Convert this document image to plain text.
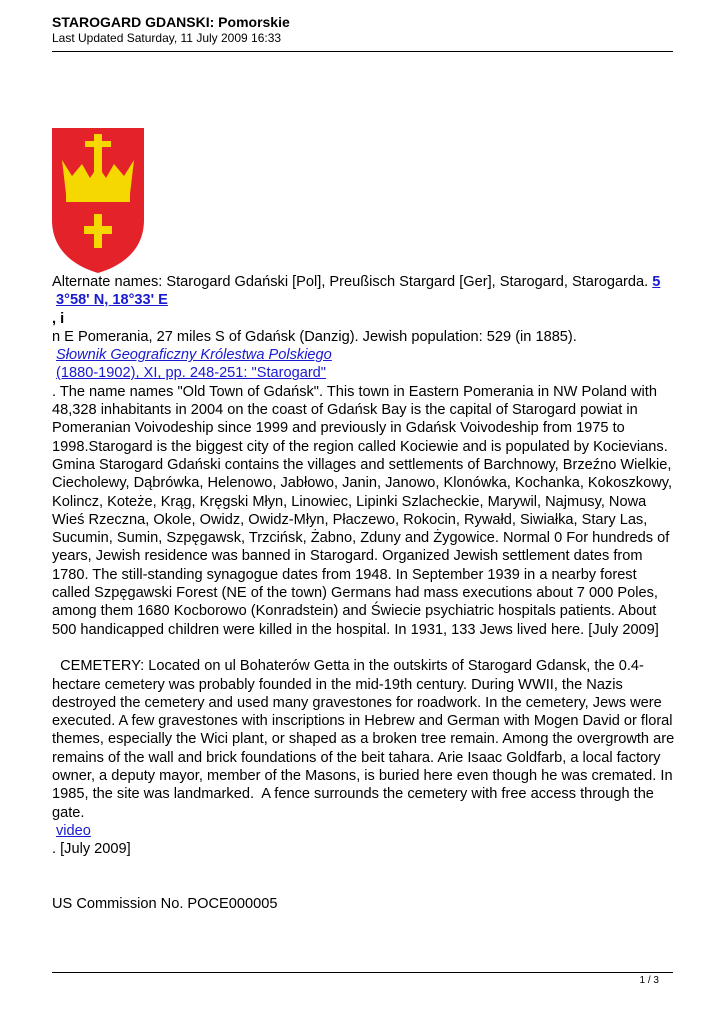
STAROGARD GDANSKI: Pomorskie

Last Updated Saturday, 11 July 2009 16:33

Alternate names: Starogard Gdański [Pol], Preußisch Stargard [Ger], Starogard, Starogarda. 5

3°58' N, 18°33' E

, i

n E Pomerania, 27 miles S of Gdańsk (Danzig). Jewish population: 529 (in 1885).

Słownik Geograficzny Królestwa Polskiego

(1880-1902), XI, pp. 248-251: "Starogard"

. The name names "Old Town of Gdańsk". This town in Eastern Pomerania in NW Poland with 48,328 inhabitants in 2004 on the coast of Gdańsk Bay is the capital of Starogard powiat in Pomeranian Voivodeship since 1999 and previously in Gdańsk Voivodeship from 1975 to 1998.Starogard is the biggest city of the region called Kociewie and is populated by Kocievians. Gmina Starogard Gdański contains the villages and settlements of Barchnowy, Brzeźno Wielkie, Ciecholewy, Dąbrówka, Helenowo, Jabłowo, Janin, Janowo, Klonówka, Kochanka, Kokoszkowy, Kolincz, Koteże, Krąg, Kręgski Młyn, Linowiec, Lipinki Szlacheckie, Marywil, Najmusy, Nowa Wieś Rzeczna, Okole, Owidz, Owidz-Młyn, Płaczewo, Rokocin, Rywałd, Siwiałka, Stary Las, Sucumin, Sumin, Szpęgawsk, Trzcińsk, Żabno, Zduny and Żygowice. Normal 0 For hundreds of years, Jewish residence was banned in Starogard. Organized Jewish settlement dates from 1780. The still-standing synagogue dates from 1948. In September 1939 in a nearby forest called Szpęgawski Forest (NE of the town) Germans had mass executions about 7 000 Poles, among them 1680 Kocborowo (Konradstein) and Świecie psychiatric hospitals patients. About 500 handicapped children were killed in the hospital. In 1931, 133 Jews lived here. [July 2009]

CEMETERY: Located on ul Bohaterów Getta in the outskirts of Starogard Gdansk, the 0.4-hectare cemetery was probably founded in the mid-19th century. During WWII, the Nazis destroyed the cemetery and used many gravestones for roadwork. In the cemetery, Jews were executed. A few gravestones with inscriptions in Hebrew and German with Mogen David or floral themes, especially the Wici plant, or shaped as a broken tree remain. Among the overgrowth are remains of the wall and brick foundations of the beit tahara. Arie Isaac Goldfarb, a local factory owner, a deputy mayor, member of the Masons, is buried here even though he was cremated. In 1985, the site was landmarked.  A fence surrounds the cemetery with free access through the gate.

video

. [July 2009]

US Commission No. POCE000005

1 / 3
